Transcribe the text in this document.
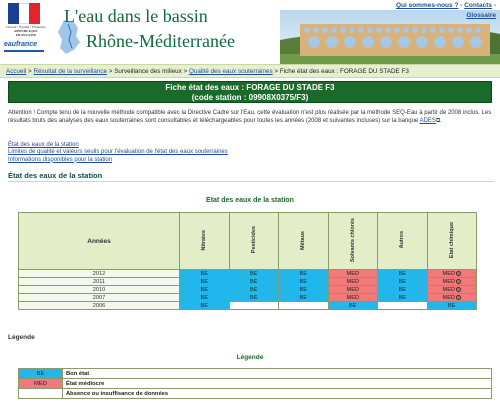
Liberté • Égalité • Fraternité
RÉPUBLIQUE FRANÇAISE
eaufrance
L'eau dans le bassin
Rhône-Méditerranée
Qui sommes-nous ? - Contacts -
Glossaire
Accueil > Résultat de la surveillance > Surveillance des milieux > Qualité des eaux souterraines > Fiche état des eaux : FORAGE DU STADE F3
Fiche état des eaux : FORAGE DU STADE F3
(code station : 09908X0375/F3)
Attention ! Compte tenu de la nouvelle méthode compatible avec la Directive Cadre sur l'Eau, cette évaluation n'est plus réalisée par la méthode SEQ-Eau à partir de 2008 inclus. Les résultats bruts des analyses des eaux souterraines sont consultables et téléchargeables pour toutes les années (2008 et suivantes incluses) sur la banque ADES⧉.
État des eaux de la station
Limites de qualité et valeurs seuils pour l'évaluation de l'état des eaux souterraines
Informations disponibles pour la station
État des eaux de la station
Etat des eaux de la station
Années	Nitrates	Pesticides	Métaux	Solvants chlorés	Autres	Etat chimique
2012	BE	BE	BE	MED	BE	MED ⓘ
2011	BE	BE	BE	MED	BE	MED ⓘ
2010	BE	BE	BE	MED	BE	MED ⓘ
2007	BE	BE	BE	MED	BE	MED ⓘ
2006	BE			BE		BE
Légende
Légende
BE	Bon état
MED	État médiocre
	Absence ou insuffisance de données
